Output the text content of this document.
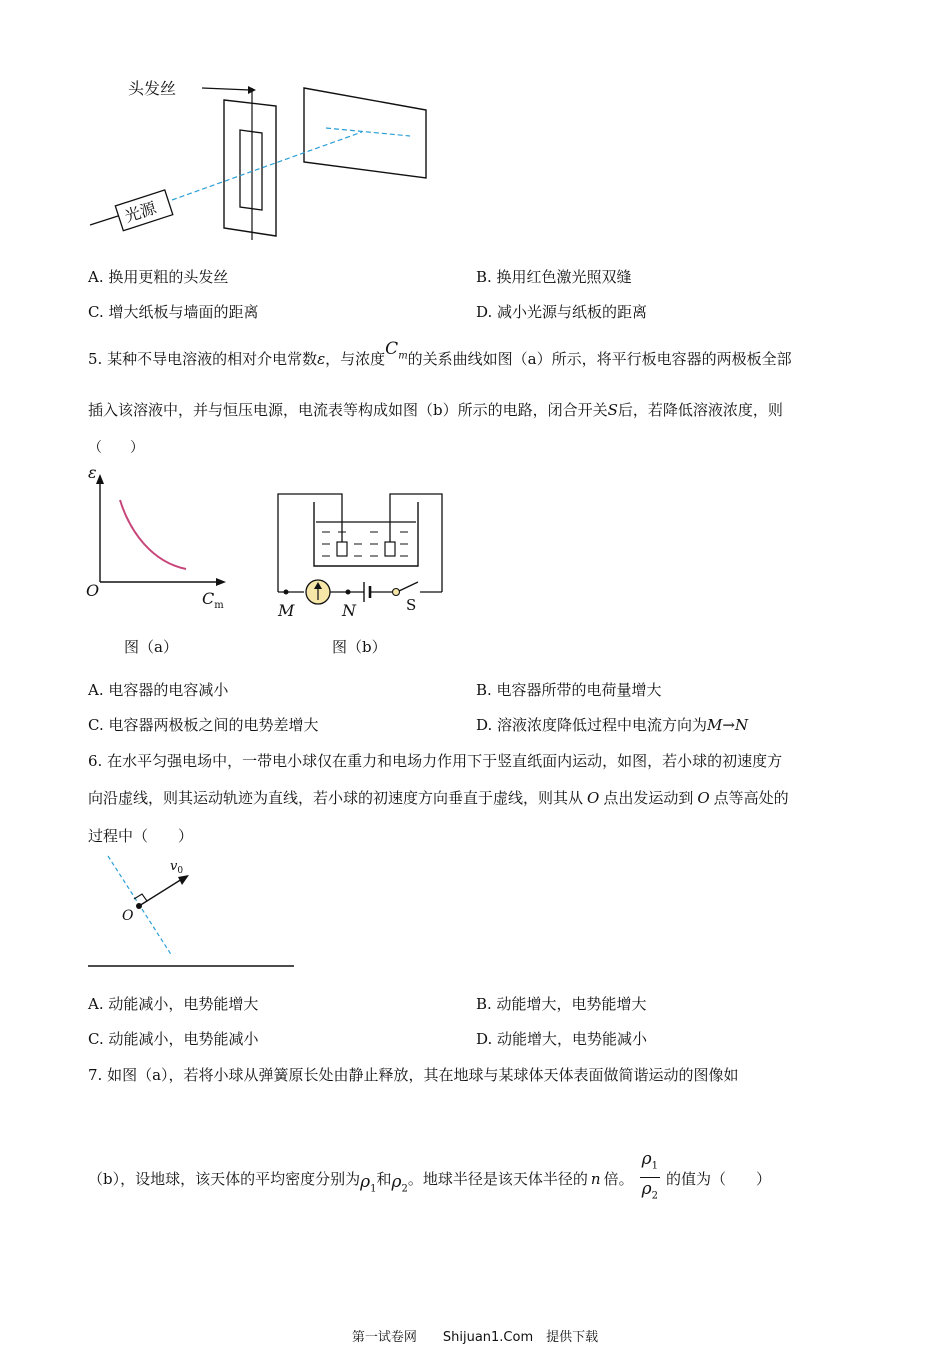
头发丝
光源
A. 换用更粗的头发丝	B. 换用红色激光照双缝
C. 增大纸板与墙面的距离	D. 减小光源与纸板的距离
5. 某种不导电溶液的相对介电常数ε，与浓度$C_m$的关系曲线如图（a）所示，将平行板电容器的两极板全部
插入该溶液中，并与恒压电源，电流表等构成如图（b）所示的电路，闭合开关S后，若降低溶液浓度，则
（　　）
ε
O	$C_m$
图（a）
M	N	S
图（b）
A. 电容器的电容减小	B. 电容器所带的电荷量增大
C. 电容器两极板之间的电势差增大	D. 溶液浓度降低过程中电流方向为M→N
6. 在水平匀强电场中，一带电小球仅在重力和电场力作用下于竖直纸面内运动，如图，若小球的初速度方
向沿虚线，则其运动轨迹为直线，若小球的初速度方向垂直于虚线，则其从 O 点出发运动到 O 点等高处的
过程中（　　）
$v_0$
O
A. 动能减小，电势能增大	B. 动能增大，电势能增大
C. 动能减小，电势能减小	D. 动能增大，电势能减小
7. 如图（a），若将小球从弹簧原长处由静止释放，其在地球与某球体天体表面做简谐运动的图像如
（b），设地球，该天体的平均密度分别为$\rho_1$和$\rho_2$。地球半径是该天体半径的 n 倍。 $\frac{\rho_1}{\rho_2}$ 的值为（　　）
第一试卷网　　Shijuan1.Com　提供下载
